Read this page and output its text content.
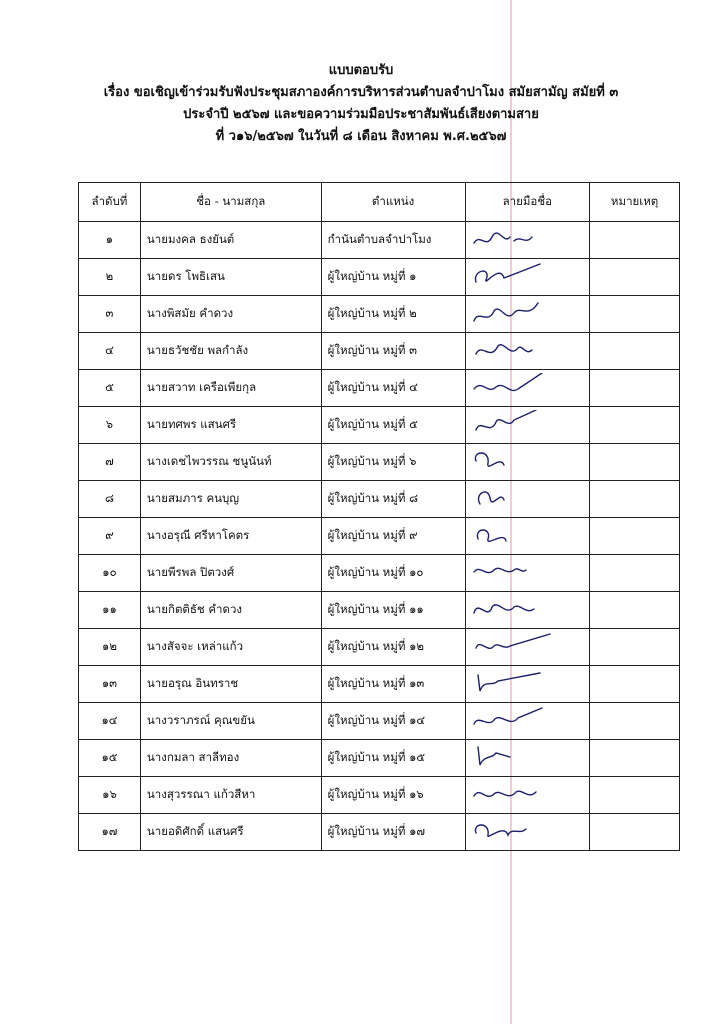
แบบตอบรับ
เรื่อง ขอเชิญเข้าร่วมรับฟังประชุมสภาองค์การบริหารส่วนตำบลจำปาโมง สมัยสามัญ สมัยที่ ๓
ประจำปี ๒๕๖๗ และขอความร่วมมือประชาสัมพันธ์เสียงตามสาย
ที่ ว๑๖/๒๕๖๗ ในวันที่ ๘ เดือน สิงหาคม พ.ศ.๒๕๖๗
ลำดับที่	ชื่อ - นามสกุล	ตำแหน่ง	ลายมือชื่อ	หมายเหตุ
๑	นายมงคล ธงยันต์	กำนันตำบลจำปาโมง	

๒	นายดร โพธิเสน	ผู้ใหญ่บ้าน หมู่ที่ ๑	

๓	นางพิสมัย คำดวง	ผู้ใหญ่บ้าน หมู่ที่ ๒	

๔	นายธวัชชัย พลกำลัง	ผู้ใหญ่บ้าน หมู่ที่ ๓	

๕	นายสวาท เครือเพียกุล	ผู้ใหญ่บ้าน หมู่ที่ ๔	

๖	นายทศพร แสนศรี	ผู้ใหญ่บ้าน หมู่ที่ ๕	

๗	นางเดชไพวรรณ ชนูนันท์	ผู้ใหญ่บ้าน หมู่ที่ ๖	

๘	นายสมภาร คนบุญ	ผู้ใหญ่บ้าน หมู่ที่ ๘	

๙	นางอรุณี ศรีหาโคตร	ผู้ใหญ่บ้าน หมู่ที่ ๙	

๑๐	นายพีรพล ปิตวงศ์	ผู้ใหญ่บ้าน หมู่ที่ ๑๐	

๑๑	นายกิตติธัช คำดวง	ผู้ใหญ่บ้าน หมู่ที่ ๑๑	

๑๒	นางสัจจะ เหล่าแก้ว	ผู้ใหญ่บ้าน หมู่ที่ ๑๒	

๑๓	นายอรุณ อินทราช	ผู้ใหญ่บ้าน หมู่ที่ ๑๓	

๑๔	นางวราภรณ์ คุณขยัน	ผู้ใหญ่บ้าน หมู่ที่ ๑๔	

๑๕	นางกมลา สาลีทอง	ผู้ใหญ่บ้าน หมู่ที่ ๑๕	

๑๖	นางสุวรรณา แก้วสีหา	ผู้ใหญ่บ้าน หมู่ที่ ๑๖	

๑๗	นายอดิศักดิ์ แสนศรี	ผู้ใหญ่บ้าน หมู่ที่ ๑๗	
